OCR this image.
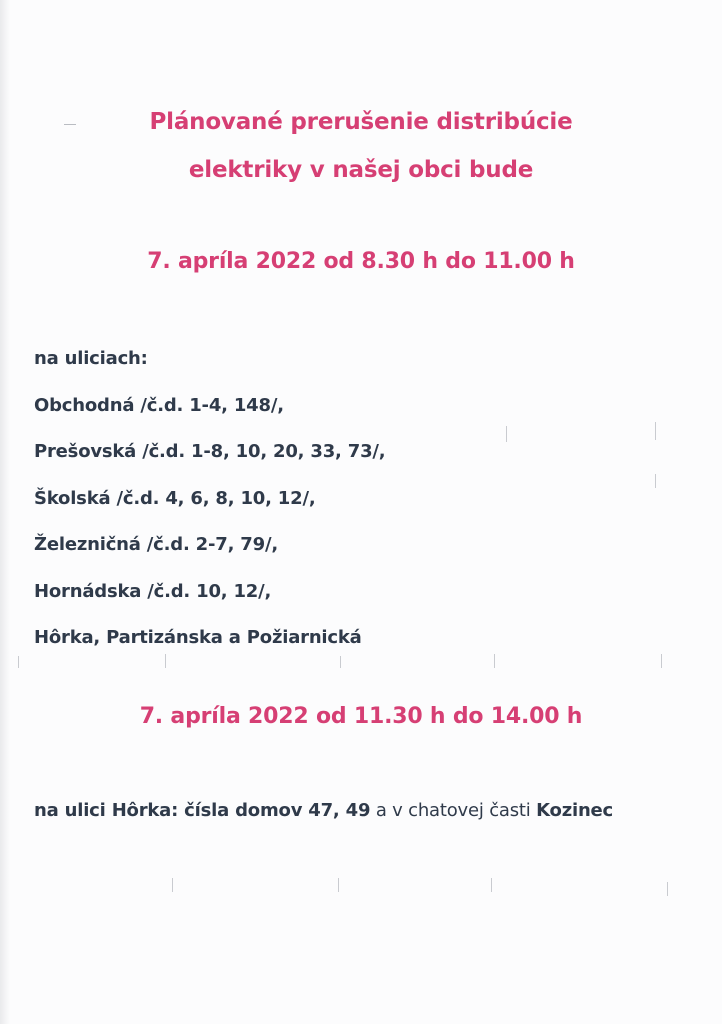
Plánované prerušenie distribúcie
elektriky v našej obci bude

7. apríla 2022 od 8.30 h do 11.00 h

na uliciach:
Obchodná /č.d. 1-4, 148/,
Prešovská /č.d. 1-8, 10, 20, 33, 73/,
Školská /č.d. 4, 6, 8, 10, 12/,
Železničná /č.d. 2-7, 79/,
Hornádska /č.d. 10, 12/,
Hôrka, Partizánska a Požiarnická

7. apríla 2022 od 11.30 h do 14.00 h

na ulici Hôrka: čísla domov 47, 49 a v chatovej časti Kozinec
